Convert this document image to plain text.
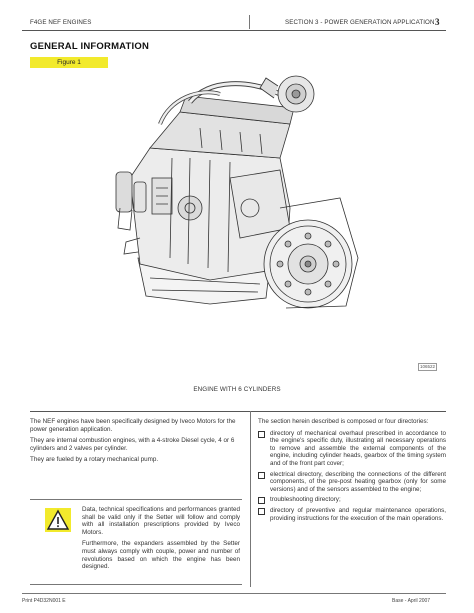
F4GE NEF ENGINES	SECTION 3 - POWER GENERATION APPLICATION 3
GENERAL INFORMATION
Figure 1
106522
ENGINE WITH 6 CYLINDERS

The NEF engines have been specifically designed by Iveco Motors for the power generation application.

They are internal combustion engines, with a 4-stroke Diesel cycle, 4 or 6 cylinders and 2 valves per cylinder.

They are fueled by a rotary mechanical pump.

Data, technical specifications and performances granted shall be valid only if the Setter will follow and comply with all installation prescriptions provided by Iveco Motors.

Furthermore, the expanders assembled by the Setter must always comply with couple, power and number of revolutions based on which the engine has been designed.

The section herein described is composed or four directories:

directory of mechanical overhaul prescribed in accordance to the engine's specific duty, illustrating all necessary operations to remove and assemble the external components of the engine, including cylinder heads, gearbox of the timing system and of the front part cover;
electrical directory, describing the connections of the different components, of the pre-post heating gearbox (only for some versions) and of the sensors assembled to the engine;
troubleshooting directory;
directory of preventive and regular maintenance operations, providing instructions for the execution of the main operations.
Print P4D32N001 E	Base - April 2007
